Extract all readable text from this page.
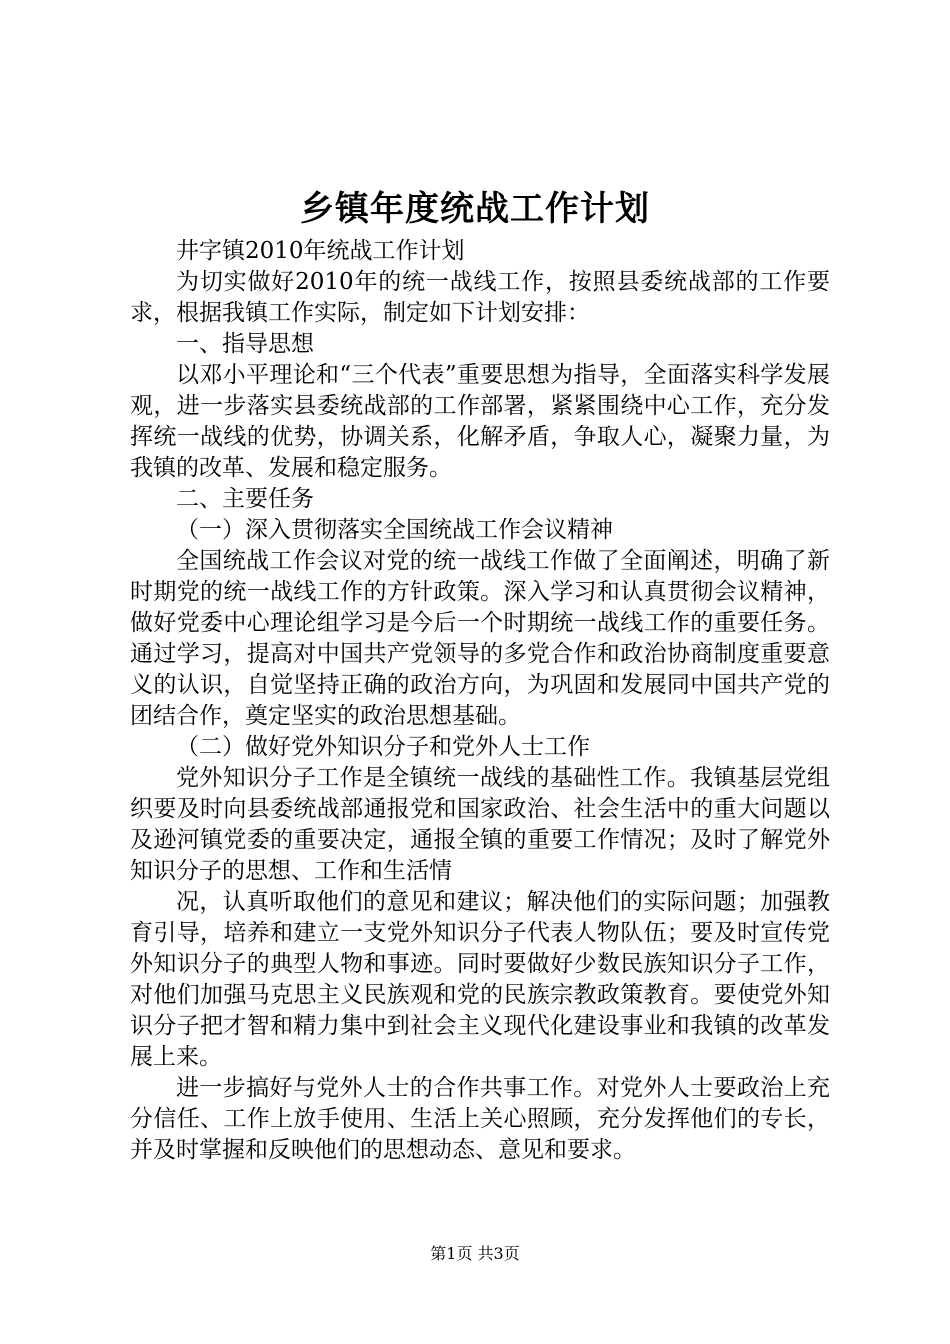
乡镇年度统战工作计划

井字镇2010年统战工作计划

为切实做好2010年的统一战线工作，按照县委统战部的工作要求，根据我镇工作实际，制定如下计划安排：

一、指导思想

以邓小平理论和“三个代表”重要思想为指导，全面落实科学发展观，进一步落实县委统战部的工作部署，紧紧围绕中心工作，充分发挥统一战线的优势，协调关系，化解矛盾，争取人心，凝聚力量，为我镇的改革、发展和稳定服务。

二、主要任务

（一）深入贯彻落实全国统战工作会议精神

全国统战工作会议对党的统一战线工作做了全面阐述，明确了新时期党的统一战线工作的方针政策。深入学习和认真贯彻会议精神，做好党委中心理论组学习是今后一个时期统一战线工作的重要任务。通过学习，提高对中国共产党领导的多党合作和政治协商制度重要意义的认识，自觉坚持正确的政治方向，为巩固和发展同中国共产党的团结合作，奠定坚实的政治思想基础。

（二）做好党外知识分子和党外人士工作

党外知识分子工作是全镇统一战线的基础性工作。我镇基层党组织要及时向县委统战部通报党和国家政治、社会生活中的重大问题以及逊河镇党委的重要决定，通报全镇的重要工作情况；及时了解党外知识分子的思想、工作和生活情

况，认真听取他们的意见和建议；解决他们的实际问题；加强教育引导，培养和建立一支党外知识分子代表人物队伍；要及时宣传党外知识分子的典型人物和事迹。同时要做好少数民族知识分子工作，对他们加强马克思主义民族观和党的民族宗教政策教育。要使党外知识分子把才智和精力集中到社会主义现代化建设事业和我镇的改革发展上来。

进一步搞好与党外人士的合作共事工作。对党外人士要政治上充分信任、工作上放手使用、生活上关心照顾，充分发挥他们的专长，并及时掌握和反映他们的思想动态、意见和要求。

第1页 共3页
